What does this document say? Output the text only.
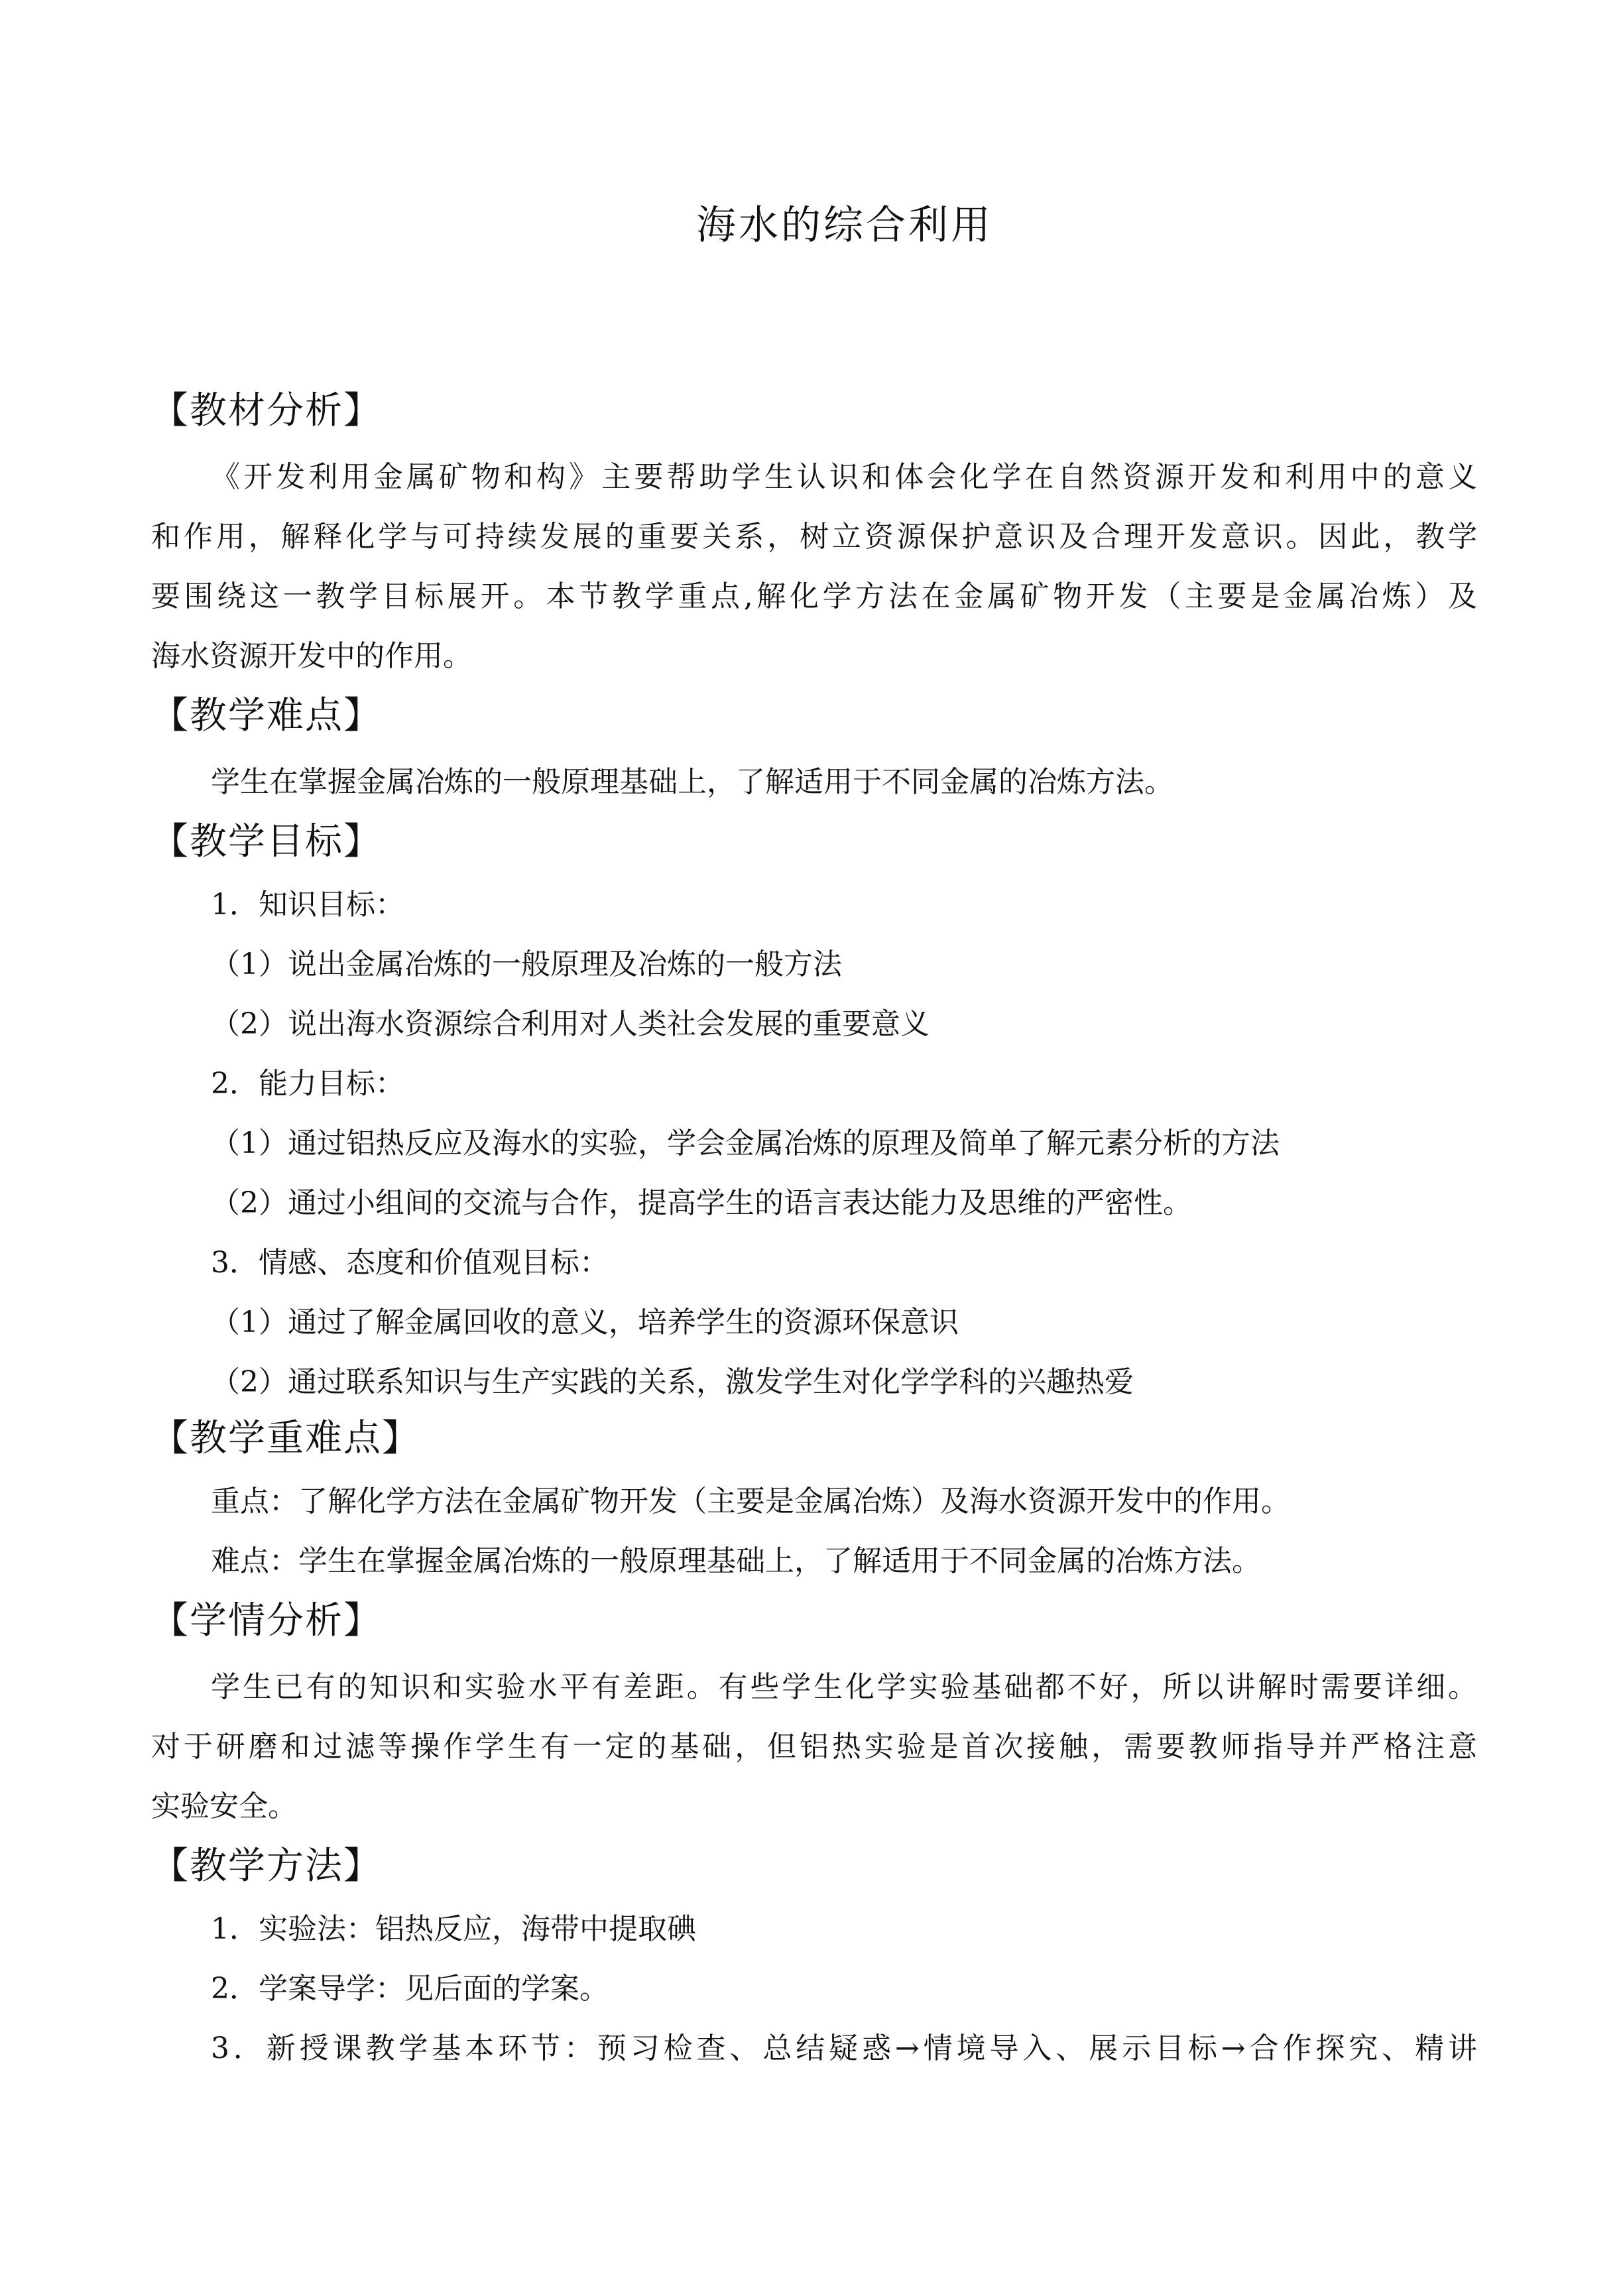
海水的综合利用
【教材分析】
《开发利用金属矿物和构》主要帮助学生认识和体会化学在自然资源开发和利用中的意义
和作用，解释化学与可持续发展的重要关系，树立资源保护意识及合理开发意识。因此，教学
要围绕这一教学目标展开。本节教学重点,解化学方法在金属矿物开发（主要是金属冶炼）及
海水资源开发中的作用。
【教学难点】
学生在掌握金属冶炼的一般原理基础上，了解适用于不同金属的冶炼方法。
【教学目标】
1．知识目标：
（1）说出金属冶炼的一般原理及冶炼的一般方法
（2）说出海水资源综合利用对人类社会发展的重要意义
2．能力目标：
（1）通过铝热反应及海水的实验，学会金属冶炼的原理及简单了解元素分析的方法
（2）通过小组间的交流与合作，提高学生的语言表达能力及思维的严密性。
3．情感、态度和价值观目标：
（1）通过了解金属回收的意义，培养学生的资源环保意识
（2）通过联系知识与生产实践的关系，激发学生对化学学科的兴趣热爱
【教学重难点】
重点：了解化学方法在金属矿物开发（主要是金属冶炼）及海水资源开发中的作用。
难点：学生在掌握金属冶炼的一般原理基础上，了解适用于不同金属的冶炼方法。
【学情分析】
学生已有的知识和实验水平有差距。有些学生化学实验基础都不好，所以讲解时需要详细。
对于研磨和过滤等操作学生有一定的基础，但铝热实验是首次接触，需要教师指导并严格注意
实验安全。
【教学方法】
1．实验法：铝热反应，海带中提取碘
2．学案导学：见后面的学案。
3．新授课教学基本环节：预习检查、总结疑惑→情境导入、展示目标→合作探究、精讲
